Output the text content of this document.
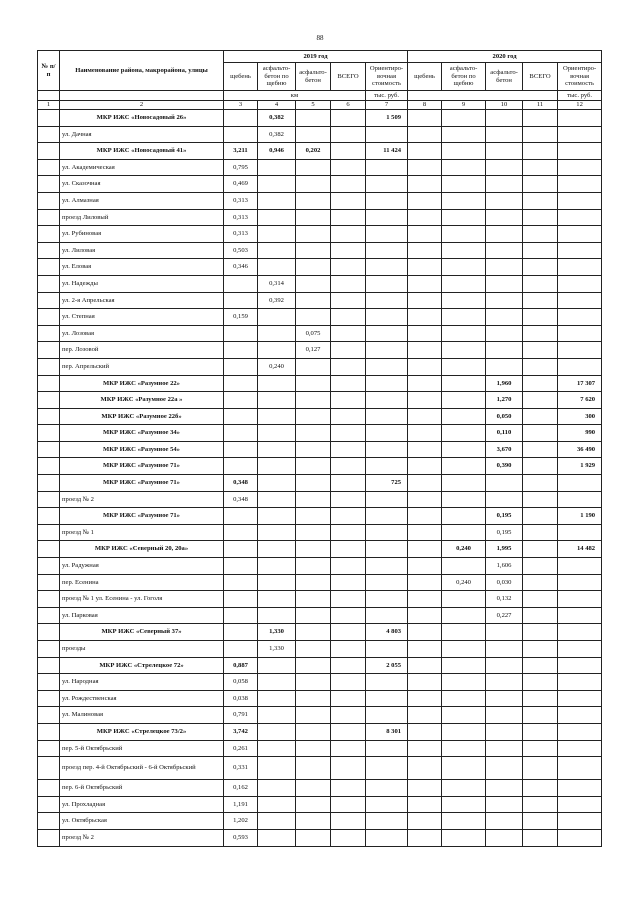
88
№ п/п	Наименование района, макрорайона, улицы	2019 год					2020 год				
		щебень	асфальто-бетон по щебню	асфальто-бетон	ВСЕГО	Ориентиро-вочная стоимость	щебень	асфальто-бетон по щебню	асфальто-бетон	ВСЕГО	Ориентиро-вочная стоимость
		км				тыс. руб.					тыс. руб.
1	2	3	4	5	6	7	8	9	10	11	12
	МКР ИЖС «Новосадовый 26»		0,382			1 509					
	ул. Дачная		0,382								
	МКР ИЖС «Новосадовый 41»	3,211	0,946	0,202		11 424					
	ул. Академическая	0,795									
	ул. Сказочная	0,469									
	ул. Алмазная	0,313									
	проезд Лиловый	0,313									
	ул. Рубиновая	0,313									
	ул. Лиловая	0,503									
	ул. Еловая	0,346									
	ул. Надежды		0,314								
	ул. 2-я Апрельская		0,392								
	ул. Степная	0,159									
	ул. Лозовая			0,075							
	пер. Лозовой			0,127							
	пер. Апрельский		0,240								
	МКР ИЖС «Разумное 22»								1,960		17 307
	МКР ИЖС «Разумное 22а »								1,270		7 620
	МКР ИЖС «Разумное 22б»								0,050		300
	МКР ИЖС «Разумное 34»								0,110		990
	МКР ИЖС «Разумное 54»								3,670		36 490
	МКР ИЖС «Разумное 71»								0,390		1 929
	МКР ИЖС «Разумное 71»	0,348				725					
	проезд № 2	0,348									
	МКР ИЖС «Разумное 71»								0,195		1 190
	проезд № 1								0,195		
	МКР ИЖС «Северный 20, 20а»							0,240	1,995		14 482
	ул. Радужная								1,606		
	пер. Есенина							0,240	0,030		
	проезд № 1 ул. Есенина - ул. Гоголя								0,132		
	ул. Парковая								0,227		
	МКР ИЖС «Северный 37»		1,330			4 803					
	проезды		1,330								
	МКР ИЖС «Стрелецкое 72»	0,887				2 055					
	ул. Народная	0,058									
	ул. Рождественская	0,038									
	ул. Малиновая	0,791									
	МКР ИЖС «Стрелецкое 73/2»	3,742				8 301					
	пер. 5-й Октябрьский	0,261									
	проезд пер. 4-й Октябрьский - 6-й Октябрьский	0,331									
	пер. 6-й Октябрьский	0,162									
	ул. Прохладная	1,191									
	ул. Октябрьская	1,202									
	проезд № 2	0,593									
